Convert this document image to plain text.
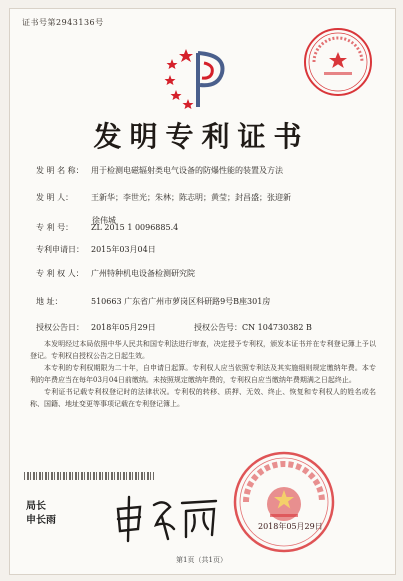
证书号第2943136号
发明专利证书
发 明 名 称： 用于检测电磁辐射类电气设备的防爆性能的装置及方法
发 明 人： 王新华；李世光；朱林；陈志明；黄莹；封昌盛；张迎新
徐伟城
专 利 号： ZL 2015 1 0096885.4
专利申请日： 2015年03月04日
专 利 权 人： 广州特种机电设备检测研究院
地 址：	510663 广东省广州市萝岗区科研路9号B座301房
授权公告日： 2018年05月29日	授权公告号：CN 104730382 B

本发明经过本局依照中华人民共和国专利法进行审查，决定授予专利权，颁发本证书并在专利登记簿上予以登记。专利权自授权公告之日起生效。

本专利的专利权期限为二十年，自申请日起算。专利权人应当依照专利法及其实施细则规定缴纳年费。本专利的年费应当在每年03月04日前缴纳。未按照规定缴纳年费的，专利权自应当缴纳年费期满之日起终止。

专利证书记载专利权登记时的法律状况。专利权的转移、质押、无效、终止、恢复和专利权人的姓名或名称、国籍、地址变更等事项记载在专利登记簿上。

局长
申长雨
2018年05月29日
第1页（共1页）
